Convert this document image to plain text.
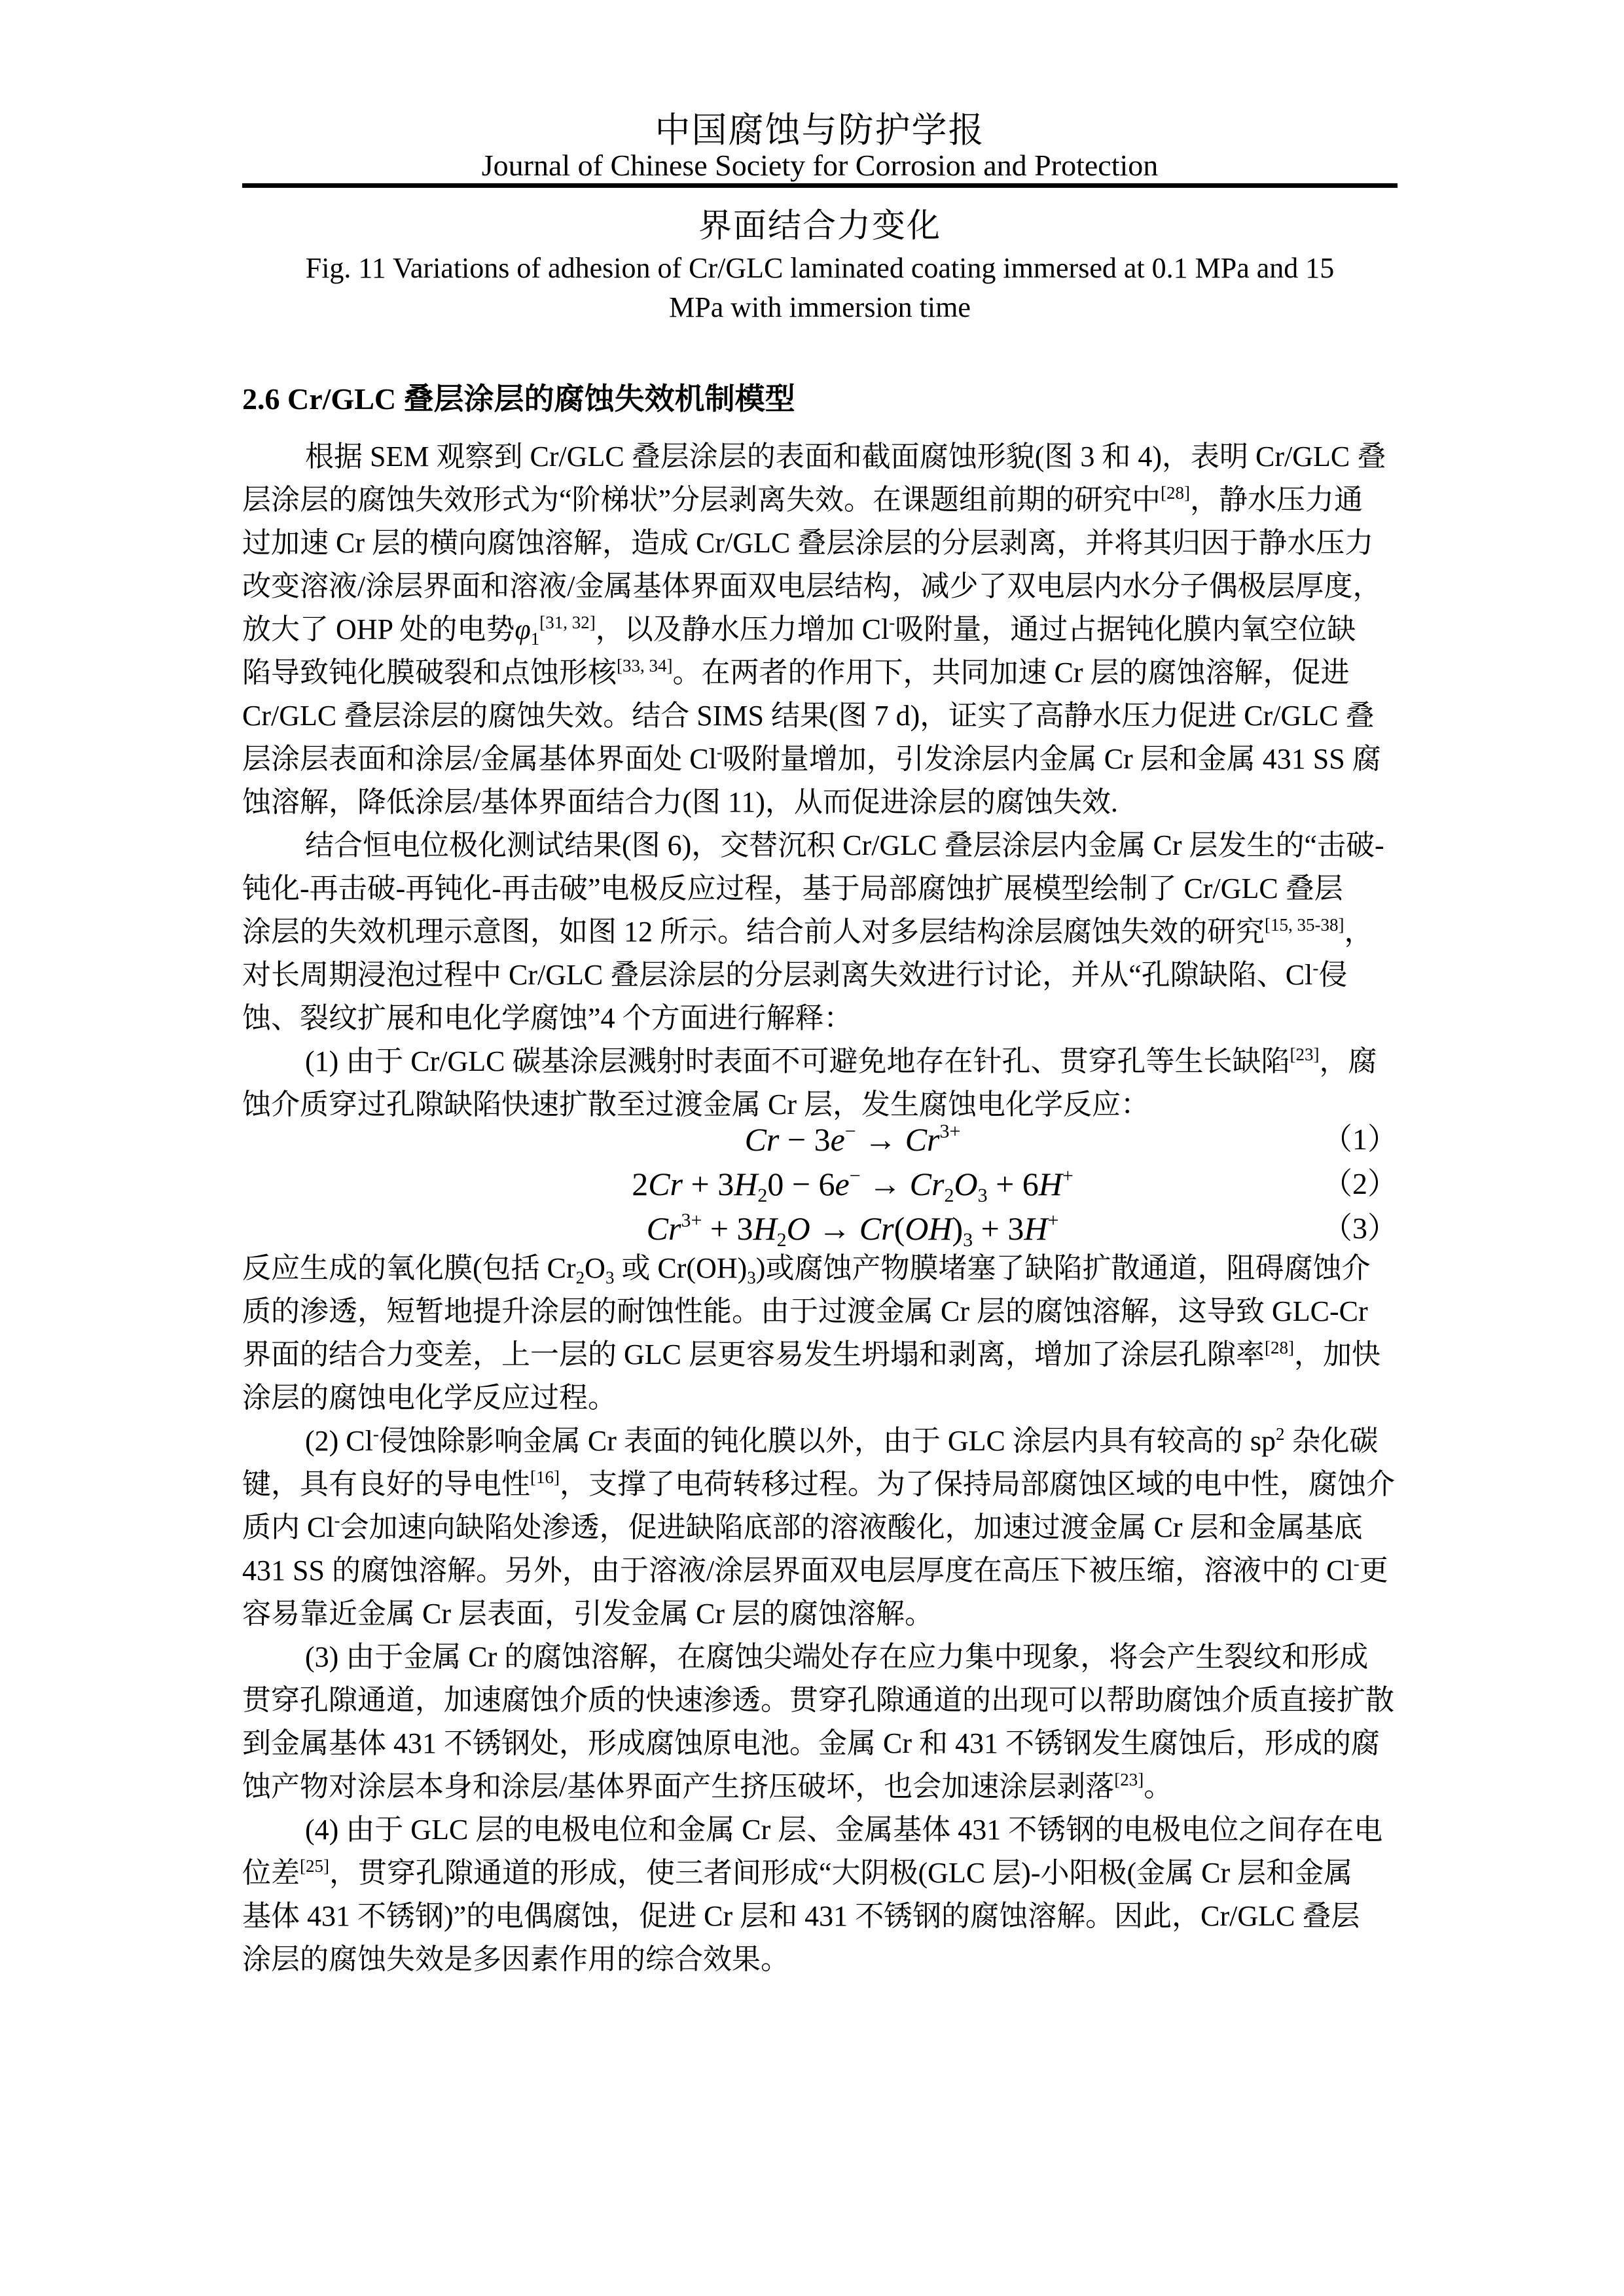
中国腐蚀与防护学报
Journal of Chinese Society for Corrosion and Protection
界面结合力变化
Fig. 11 Variations of adhesion of Cr/GLC laminated coating immersed at 0.1 MPa and 15
MPa with immersion time
2.6 Cr/GLC 叠层涂层的腐蚀失效机制模型
根据 SEM 观察到 Cr/GLC 叠层涂层的表面和截面腐蚀形貌(图 3 和 4)，表明 Cr/GLC 叠
层涂层的腐蚀失效形式为“阶梯状”分层剥离失效。在课题组前期的研究中[28]，静水压力通
过加速 Cr 层的横向腐蚀溶解，造成 Cr/GLC 叠层涂层的分层剥离，并将其归因于静水压力
改变溶液/涂层界面和溶液/金属基体界面双电层结构，减少了双电层内水分子偶极层厚度，
放大了 OHP 处的电势$\varphi_1[31, 32]$，以及静水压力增加 Cl-吸附量，通过占据钝化膜内氧空位缺
陷导致钝化膜破裂和点蚀形核[33, 34]。在两者的作用下，共同加速 Cr 层的腐蚀溶解，促进
Cr/GLC 叠层涂层的腐蚀失效。结合 SIMS 结果(图 7 d)，证实了高静水压力促进 Cr/GLC 叠
层涂层表面和涂层/金属基体界面处 Cl-吸附量增加，引发涂层内金属 Cr 层和金属 431 SS 腐
蚀溶解，降低涂层/基体界面结合力(图 11)，从而促进涂层的腐蚀失效.
结合恒电位极化测试结果(图 6)，交替沉积 Cr/GLC 叠层涂层内金属 Cr 层发生的“击破-
钝化-再击破-再钝化-再击破”电极反应过程，基于局部腐蚀扩展模型绘制了 Cr/GLC 叠层
涂层的失效机理示意图，如图 12 所示。结合前人对多层结构涂层腐蚀失效的研究[15, 35-38]，
对长周期浸泡过程中 Cr/GLC 叠层涂层的分层剥离失效进行讨论，并从“孔隙缺陷、Cl-侵
蚀、裂纹扩展和电化学腐蚀”4 个方面进行解释：
(1) 由于 Cr/GLC 碳基涂层溅射时表面不可避免地存在针孔、贯穿孔等生长缺陷[23]，腐
蚀介质穿过孔隙缺陷快速扩散至过渡金属 Cr 层，发生腐蚀电化学反应：
$Cr - 3e^- \to Cr^{3+}$	（1）
$2Cr + 3H_20 - 6e^- \to Cr_2O_3 + 6H^+$	（2）
$Cr^{3+} + 3H_2O \to Cr(OH)_3 + 3H^+$	（3）
反应生成的氧化膜(包括 $Cr_2O_3$ 或 $Cr(OH)_3$)或腐蚀产物膜堵塞了缺陷扩散通道，阻碍腐蚀介
质的渗透，短暂地提升涂层的耐蚀性能。由于过渡金属 Cr 层的腐蚀溶解，这导致 GLC-Cr
界面的结合力变差，上一层的 GLC 层更容易发生坍塌和剥离，增加了涂层孔隙率[28]，加快
涂层的腐蚀电化学反应过程。
(2) Cl-侵蚀除影响金属 Cr 表面的钝化膜以外，由于 GLC 涂层内具有较高的 $sp^2$ 杂化碳
键，具有良好的导电性[16]，支撑了电荷转移过程。为了保持局部腐蚀区域的电中性，腐蚀介
质内 Cl-会加速向缺陷处渗透，促进缺陷底部的溶液酸化，加速过渡金属 Cr 层和金属基底
431 SS 的腐蚀溶解。另外，由于溶液/涂层界面双电层厚度在高压下被压缩，溶液中的 Cl-更
容易靠近金属 Cr 层表面，引发金属 Cr 层的腐蚀溶解。
(3) 由于金属 Cr 的腐蚀溶解，在腐蚀尖端处存在应力集中现象，将会产生裂纹和形成
贯穿孔隙通道，加速腐蚀介质的快速渗透。贯穿孔隙通道的出现可以帮助腐蚀介质直接扩散
到金属基体 431 不锈钢处，形成腐蚀原电池。金属 Cr 和 431 不锈钢发生腐蚀后，形成的腐
蚀产物对涂层本身和涂层/基体界面产生挤压破坏，也会加速涂层剥落[23]。
(4) 由于 GLC 层的电极电位和金属 Cr 层、金属基体 431 不锈钢的电极电位之间存在电
位差[25]，贯穿孔隙通道的形成，使三者间形成“大阴极(GLC 层)-小阳极(金属 Cr 层和金属
基体 431 不锈钢)”的电偶腐蚀，促进 Cr 层和 431 不锈钢的腐蚀溶解。因此，Cr/GLC 叠层
涂层的腐蚀失效是多因素作用的综合效果。
